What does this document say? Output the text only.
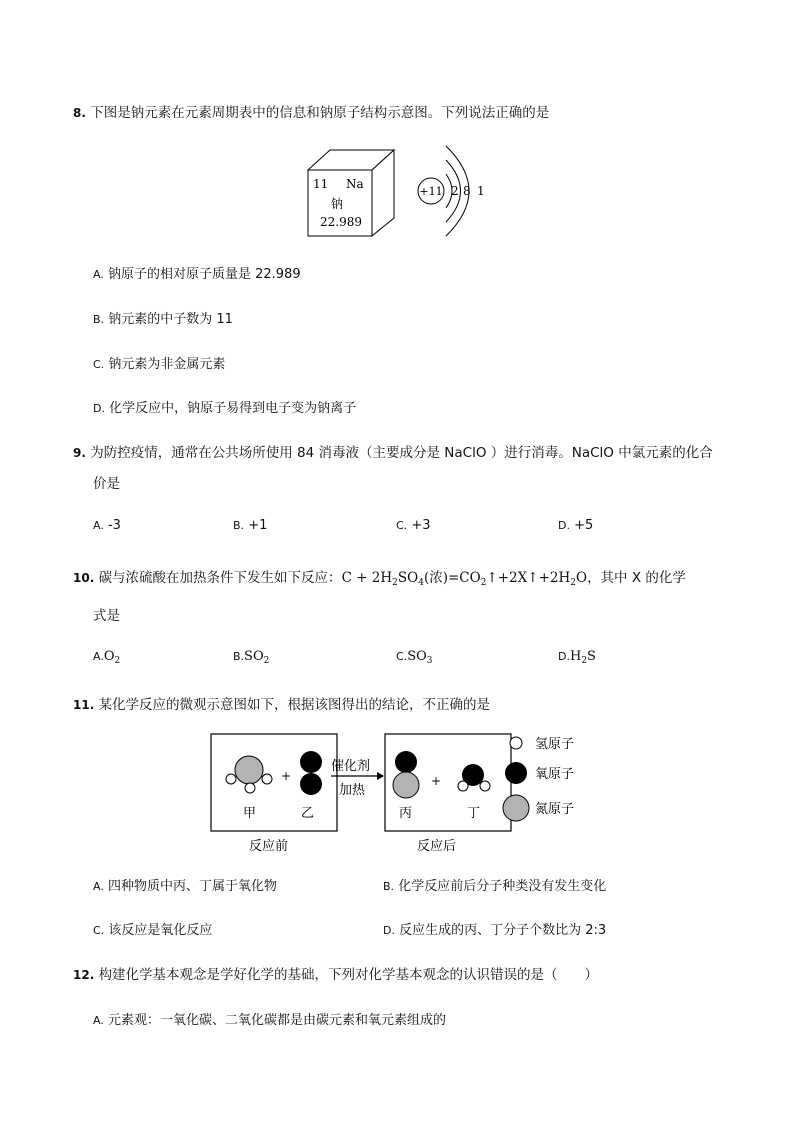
8. 下图是钠元素在元素周期表中的信息和钠原子结构示意图。下列说法正确的是
11 Na
钠
22.989
+11 2 8 1
A. 钠原子的相对原子质量是 22.989
B. 钠元素的中子数为 11
C. 钠元素为非金属元素
D. 化学反应中，钠原子易得到电子变为钠离子
9. 为防控疫情，通常在公共场所使用 84 消毒液（主要成分是 NaClO ）进行消毒。NaClO 中氯元素的化合
价是
A. -3	B. +1	C. +3	D. +5
10. 碳与浓硫酸在加热条件下发生如下反应：$C + 2H_2SO_4$(浓)$=CO_2↑+2X↑+2H_2O$，其中 X 的化学
式是
$A.O_2$	$B.SO_2$	$C.SO_3$	$D.H_2S$
11. 某化学反应的微观示意图如下，根据该图得出的结论，不正确的是
+
甲	乙
催化剂
加热
+
丙	丁
反应前	反应后
氢原子
氧原子
氮原子
A. 四种物质中丙、丁属于氧化物	B. 化学反应前后分子种类没有发生变化
C. 该反应是氧化反应	D. 反应生成的丙、丁分子个数比为 2:3
12. 构建化学基本观念是学好化学的基础，下列对化学基本观念的认识错误的是（　　）
A. 元素观：一氧化碳、二氧化碳都是由碳元素和氧元素组成的
